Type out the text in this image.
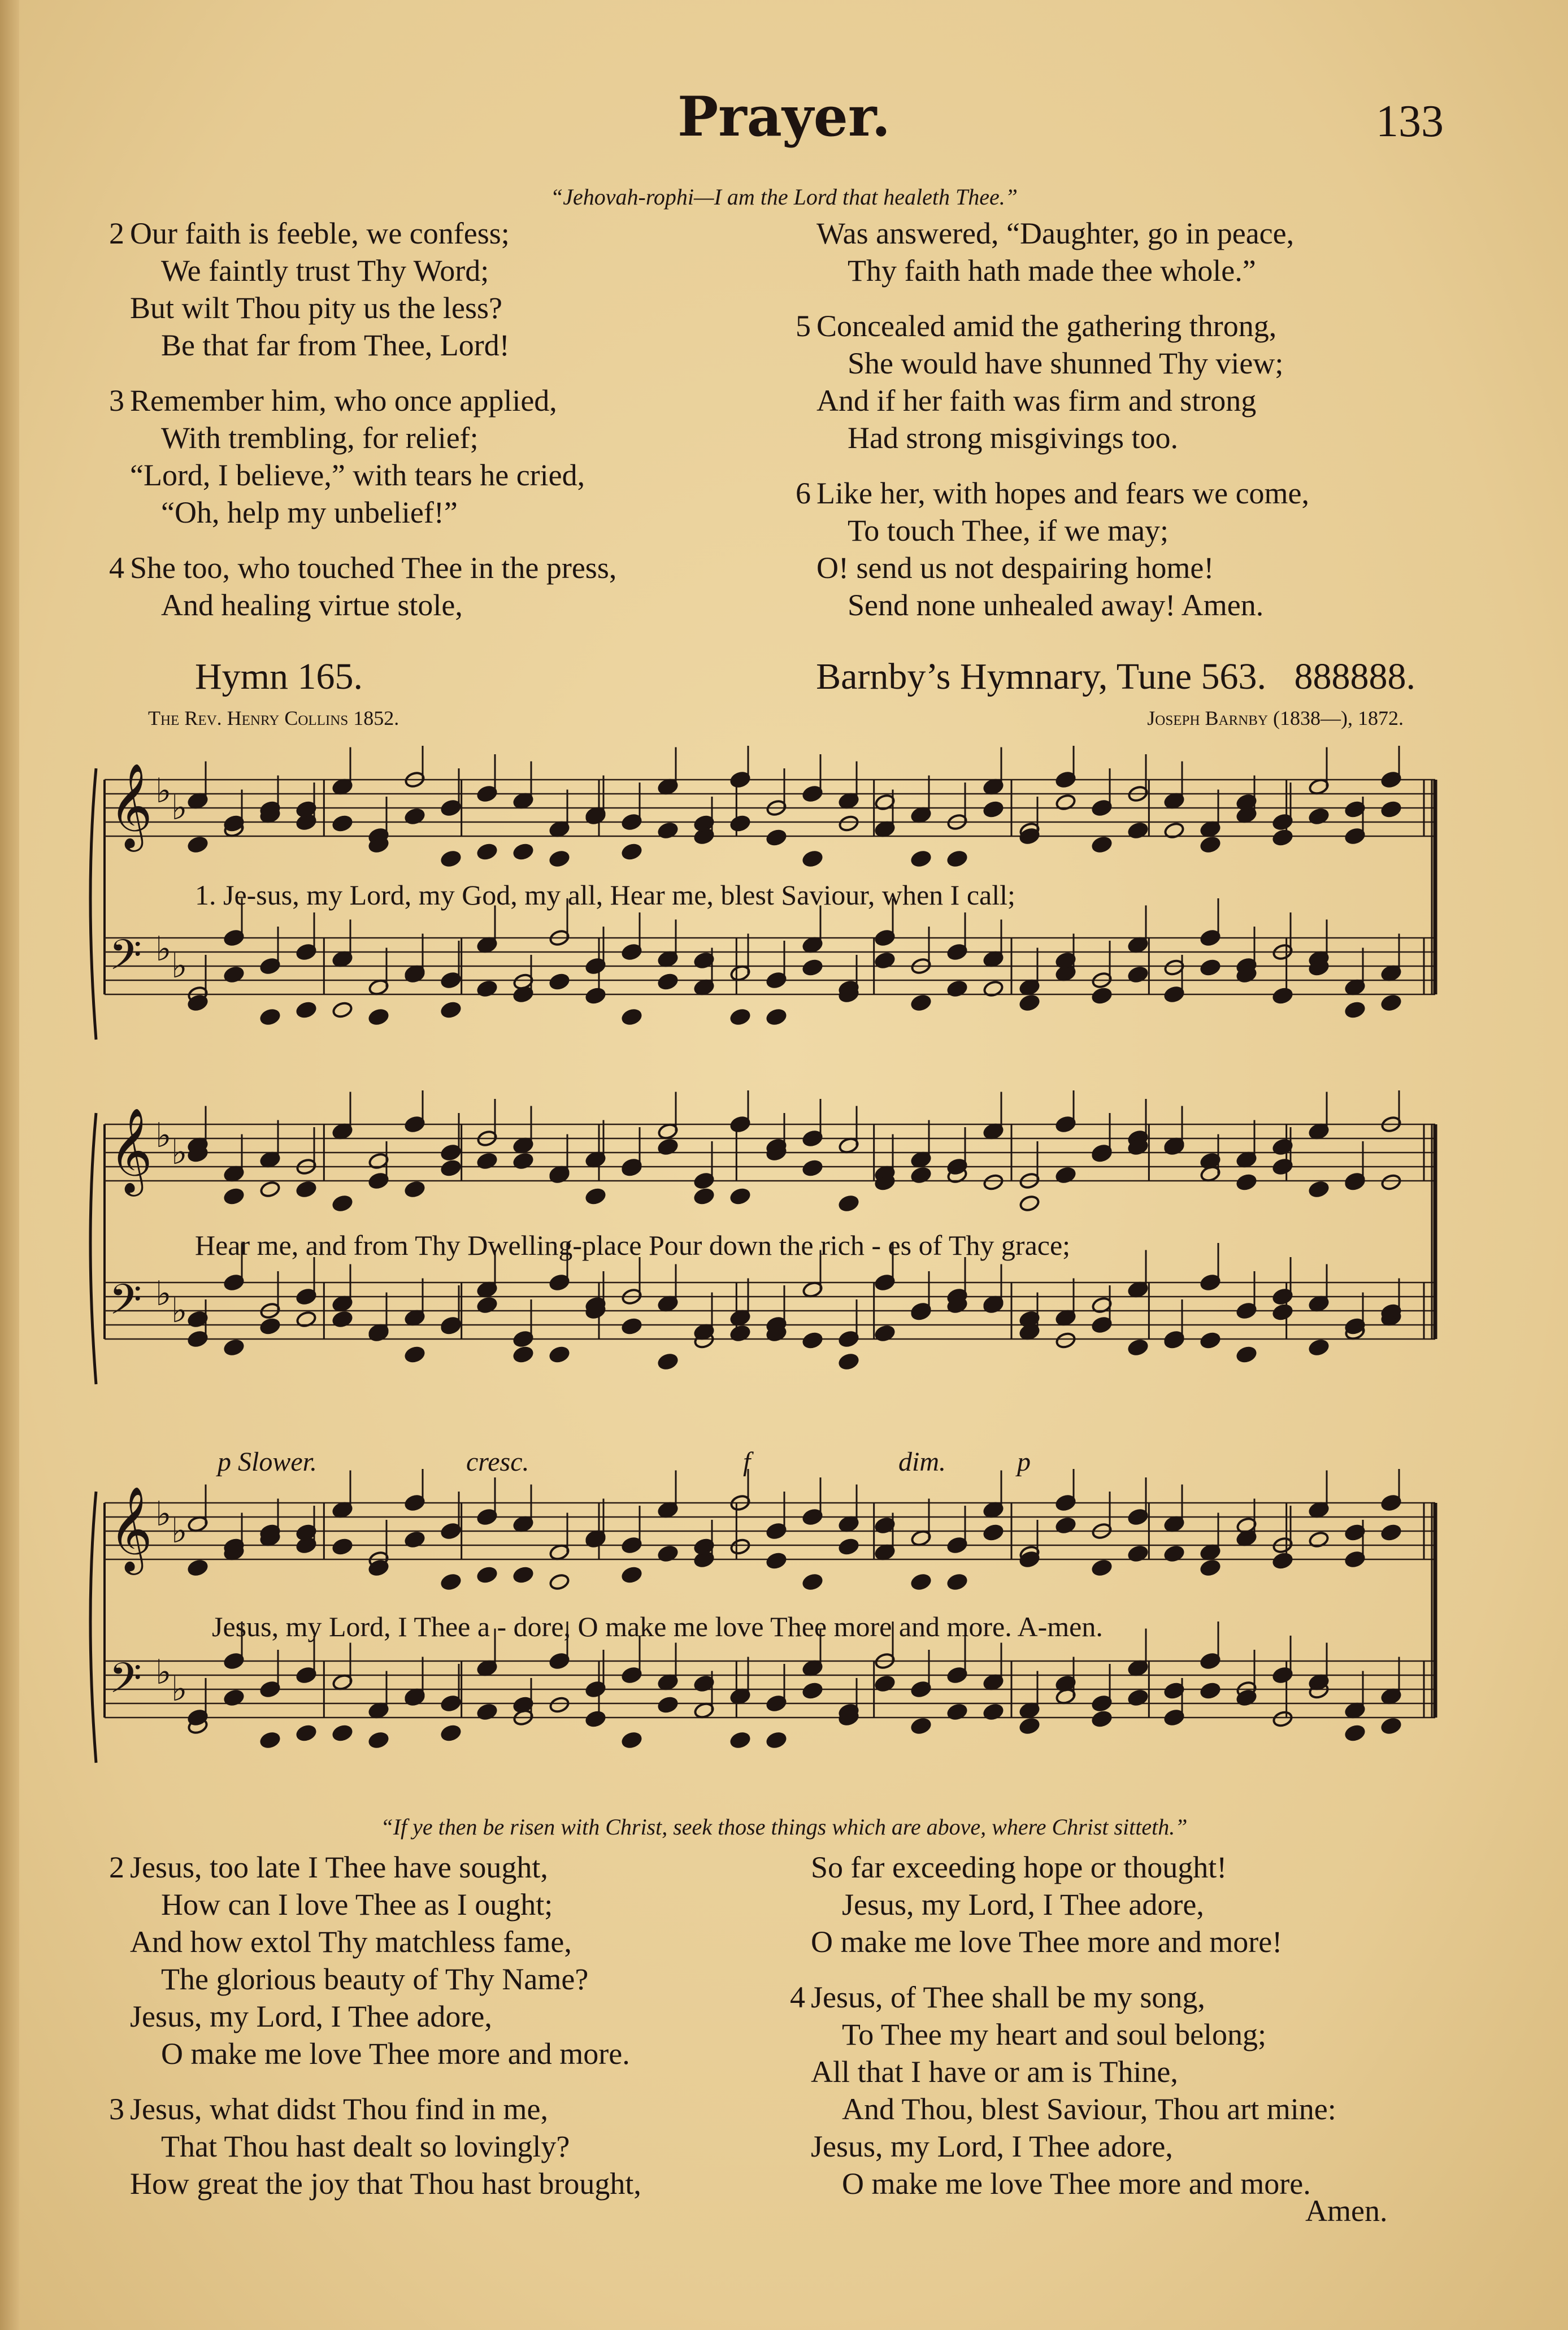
Prayer.	133
“Jehovah-rophi—I am the Lord that healeth Thee.”
2 Our faith is feeble, we confess;
We faintly trust Thy Word;
But wilt Thou pity us the less?
Be that far from Thee, Lord!
3 Remember him, who once applied,
With trembling, for relief;
“Lord, I believe,” with tears he cried,
“Oh, help my unbelief!”
4 She too, who touched Thee in the press,
And healing virtue stole,
Was answered, “Daughter, go in peace,
Thy faith hath made thee whole.”
5 Concealed amid the gathering throng,
She would have shunned Thy view;
And if her faith was firm and strong
Had strong misgivings too.
6 Like her, with hopes and fears we come,
To touch Thee, if we may;
O! send us not despairing home!
Send none unhealed away! Amen.
Hymn 165.	Barnby’s Hymnary, Tune 563. 888888.
The Rev. Henry Collins 1852.	Joseph Barnby (1838—), 1872.
𝄞 ♭ ♭
𝄢 ♭ ♭
1. Je-sus, my Lord, my God, my all, Hear me, blest Saviour, when I call;
𝄞 ♭ ♭
𝄢 ♭ ♭
Hear me, and from Thy Dwelling-place Pour down the rich - es of Thy grace;
p Slower.	cresc.	f	dim.	p
𝄞 ♭ ♭
𝄢 ♭ ♭
Jesus, my Lord, I Thee a - dore, O make me love Thee more and more. A-men.
“If ye then be risen with Christ, seek those things which are above, where Christ sitteth.”
2 Jesus, too late I Thee have sought,
How can I love Thee as I ought;
And how extol Thy matchless fame,
The glorious beauty of Thy Name?
Jesus, my Lord, I Thee adore,
O make me love Thee more and more.
3 Jesus, what didst Thou find in me,
That Thou hast dealt so lovingly?
How great the joy that Thou hast brought,
So far exceeding hope or thought!
Jesus, my Lord, I Thee adore,
O make me love Thee more and more!
4 Jesus, of Thee shall be my song,
To Thee my heart and soul belong;
All that I have or am is Thine,
And Thou, blest Saviour, Thou art mine:
Jesus, my Lord, I Thee adore,
O make me love Thee more and more.
Amen.
